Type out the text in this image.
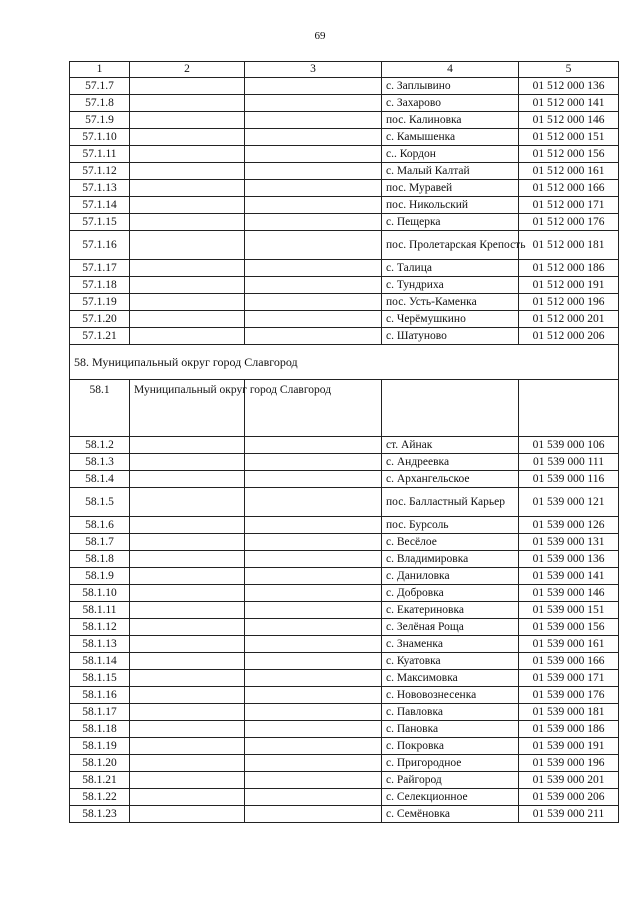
69
1	2	3	4	5
57.1.7			с. Заплывино	01 512 000 136
57.1.8			с. Захарово	01 512 000 141
57.1.9			пос. Калиновка	01 512 000 146
57.1.10			с. Камышенка	01 512 000 151
57.1.11			с.. Кордон	01 512 000 156
57.1.12			с. Малый Калтай	01 512 000 161
57.1.13			пос. Муравей	01 512 000 166
57.1.14			пос. Никольский	01 512 000 171
57.1.15			с. Пещерка	01 512 000 176
57.1.16			пос. Пролетарская Крепость	01 512 000 181
57.1.17			с. Талица	01 512 000 186
57.1.18			с. Тундриха	01 512 000 191
57.1.19			пос. Усть-Каменка	01 512 000 196
57.1.20			с. Черёмушкино	01 512 000 201
57.1.21			с. Шатуново	01 512 000 206
58. Муниципальный округ город Славгород				
58.1	Муниципальный округ город Славгород			
58.1.2			ст. Айнак	01 539 000 106
58.1.3			с. Андреевка	01 539 000 111
58.1.4			с. Архангельское	01 539 000 116
58.1.5			пос. Балластный Карьер	01 539 000 121
58.1.6			пос. Бурсоль	01 539 000 126
58.1.7			с. Весёлое	01 539 000 131
58.1.8			с. Владимировка	01 539 000 136
58.1.9			с. Даниловка	01 539 000 141
58.1.10			с. Добровка	01 539 000 146
58.1.11			с. Екатериновка	01 539 000 151
58.1.12			с. Зелёная Роща	01 539 000 156
58.1.13			с. Знаменка	01 539 000 161
58.1.14			с. Куатовка	01 539 000 166
58.1.15			с. Максимовка	01 539 000 171
58.1.16			с. Нововознесенка	01 539 000 176
58.1.17			с. Павловка	01 539 000 181
58.1.18			с. Пановка	01 539 000 186
58.1.19			с. Покровка	01 539 000 191
58.1.20			с. Пригородное	01 539 000 196
58.1.21			с. Райгород	01 539 000 201
58.1.22			с. Селекционное	01 539 000 206
58.1.23			с. Семёновка	01 539 000 211
